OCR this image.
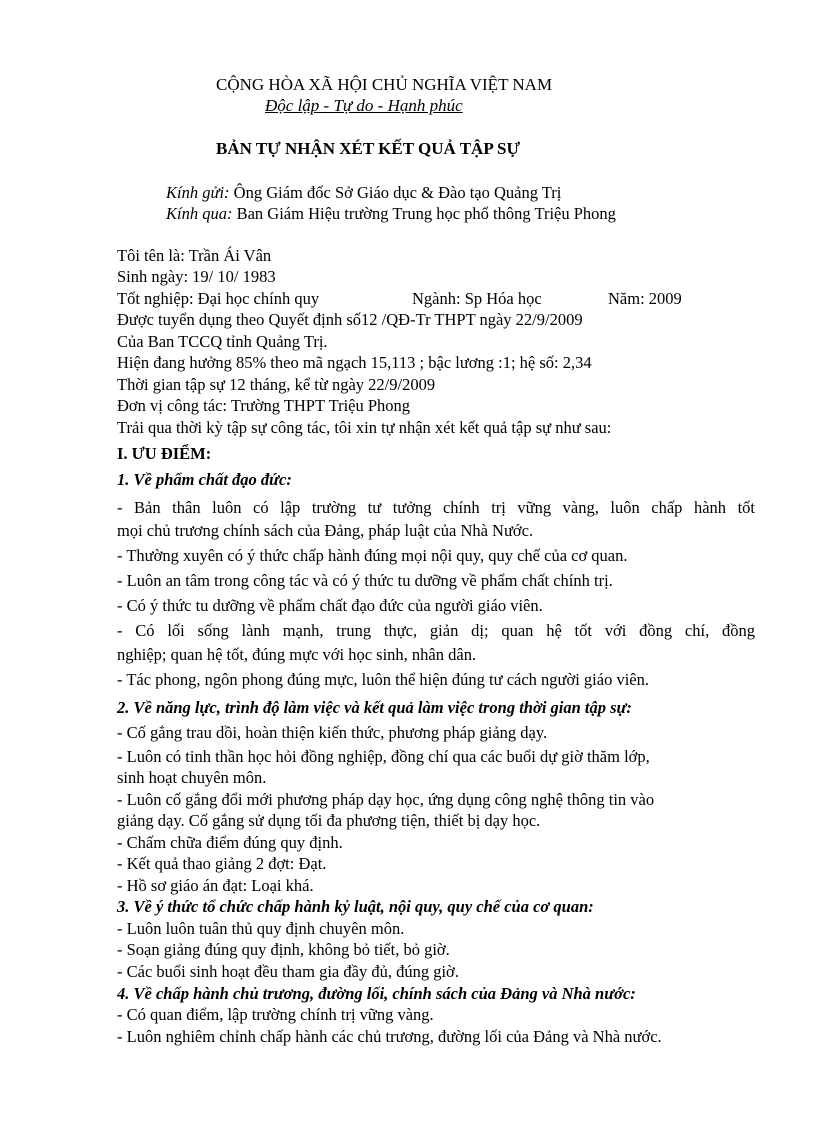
CỘNG HÒA XÃ HỘI CHỦ NGHĨA VIỆT NAM
Độc lập - Tự do - Hạnh phúc
BẢN TỰ NHẬN XÉT KẾT QUẢ TẬP SỰ
Kính gửi: Ông Giám đốc Sở Giáo dục & Đào tạo Quảng Trị
Kính qua: Ban Giám Hiệu trường Trung học phổ thông Triệu Phong
Tôi tên là: Trần Ái Vân
Sinh ngày: 19/ 10/ 1983
Tốt nghiệp: Đại học chính quy	Ngành: Sp Hóa học	Năm: 2009
Được tuyển dụng theo Quyết định số12 /QĐ-Tr THPT ngày 22/9/2009
Của Ban TCCQ tỉnh Quảng Trị.
Hiện đang hưởng 85% theo mã ngạch 15,113 ; bậc lương :1; hệ số: 2,34
Thời gian tập sự 12 tháng, kể từ ngày 22/9/2009
Đơn vị công tác: Trường THPT Triệu Phong
Trải qua thời kỳ tập sự công tác, tôi xin tự nhận xét kết quả tập sự như sau:
I. ƯU ĐIỂM:
1. Về phẩm chất đạo đức:
- Bản thân luôn có lập trường tư tưởng chính trị vững vàng, luôn chấp hành tốt
mọi chủ trương chính sách của Đảng, pháp luật của Nhà Nước.
- Thường xuyên có ý thức chấp hành đúng mọi nội quy, quy chế của cơ quan.
- Luôn an tâm trong công tác và có ý thức tu dưỡng về phẩm chất chính trị.
- Có ý thức tu dưỡng về phẩm chất đạo đức của người giáo viên.
- Có lối sống lành mạnh, trung thực, giản dị; quan hệ tốt với đồng chí, đồng
nghiệp; quan hệ tốt, đúng mực với học sinh, nhân dân.
- Tác phong, ngôn phong đúng mực, luôn thể hiện đúng tư cách người giáo viên.
2. Về năng lực, trình độ làm việc và kết quả làm việc trong thời gian tập sự:
- Cố gắng trau dồi, hoàn thiện kiến thức, phương pháp giảng dạy.
- Luôn có tinh thần học hỏi đồng nghiệp, đồng chí qua các buổi dự giờ thăm lớp,
sinh hoạt chuyên môn.
- Luôn cố gắng đổi mới phương pháp dạy học, ứng dụng công nghệ thông tin vào
giảng dạy. Cố gắng sử dụng tối đa phương tiện, thiết bị dạy học.
- Chấm chữa điểm đúng quy định.
- Kết quả thao giảng 2 đợt: Đạt.
- Hồ sơ giáo án đạt: Loại khá.
3. Về ý thức tổ chức chấp hành kỷ luật, nội quy, quy chế của cơ quan:
- Luôn luôn tuân thủ quy định chuyên môn.
- Soạn giảng đúng quy định, không bỏ tiết, bỏ giờ.
- Các buổi sinh hoạt đều tham gia đầy đủ, đúng giờ.
4. Về chấp hành chủ trương, đường lối, chính sách của Đảng và Nhà nước:
- Có quan điểm, lập trường chính trị vững vàng.
- Luôn nghiêm chỉnh chấp hành các chủ trương, đường lối của Đảng và Nhà nước.
